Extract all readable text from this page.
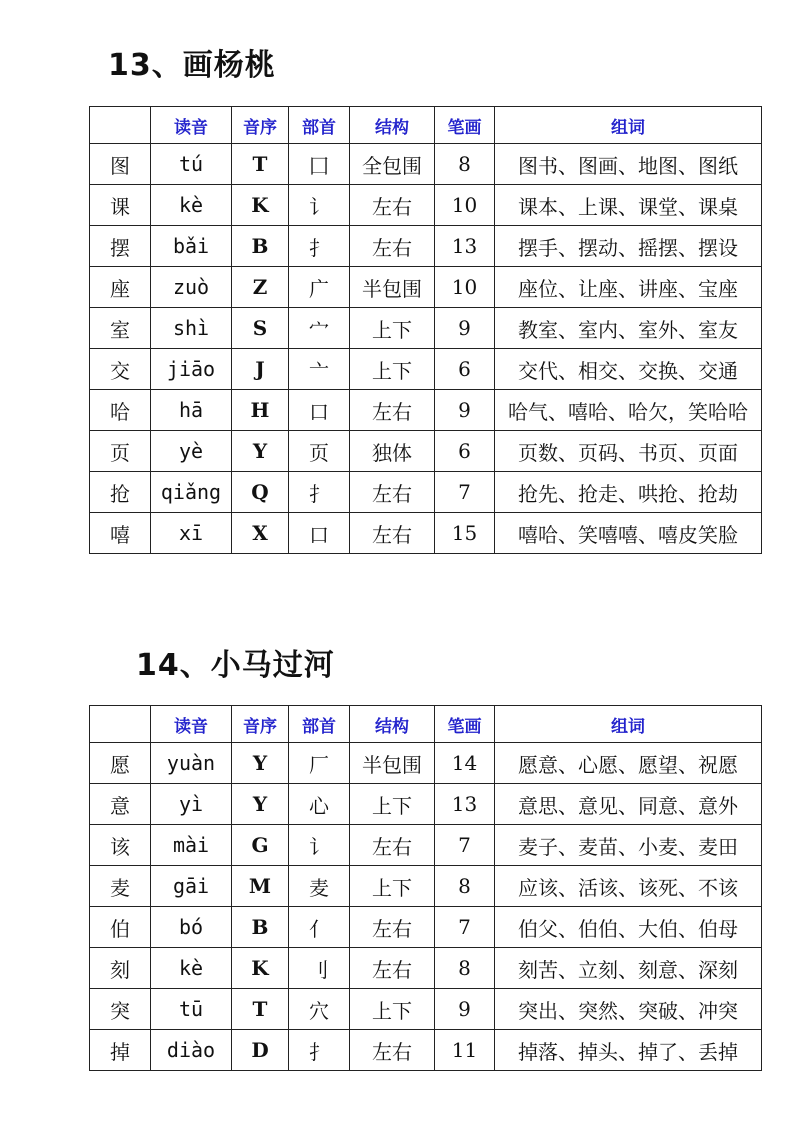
13、画杨桃
	读音	音序	部首	结构	笔画	组词
图	tú	T	囗	全包围	8	图书、图画、地图、图纸
课	kè	K	讠	左右	10	课本、上课、课堂、课桌
摆	bǎi	B	扌	左右	13	摆手、摆动、摇摆、摆设
座	zuò	Z	广	半包围	10	座位、让座、讲座、宝座
室	shì	S	宀	上下	9	教室、室内、室外、室友
交	jiāo	J	亠	上下	6	交代、相交、交换、交通
哈	hā	H	口	左右	9	哈气、嘻哈、哈欠，笑哈哈
页	yè	Y	页	独体	6	页数、页码、书页、页面
抢	qiǎng	Q	扌	左右	7	抢先、抢走、哄抢、抢劫
嘻	xī	X	口	左右	15	嘻哈、笑嘻嘻、嘻皮笑脸
14、小马过河
	读音	音序	部首	结构	笔画	组词
愿	yuàn	Y	厂	半包围	14	愿意、心愿、愿望、祝愿
意	yì	Y	心	上下	13	意思、意见、同意、意外
该	mài	G	讠	左右	7	麦子、麦苗、小麦、麦田
麦	gāi	M	麦	上下	8	应该、活该、该死、不该
伯	bó	B	亻	左右	7	伯父、伯伯、大伯、伯母
刻	kè	K	刂	左右	8	刻苦、立刻、刻意、深刻
突	tū	T	穴	上下	9	突出、突然、突破、冲突
掉	diào	D	扌	左右	11	掉落、掉头、掉了、丢掉
